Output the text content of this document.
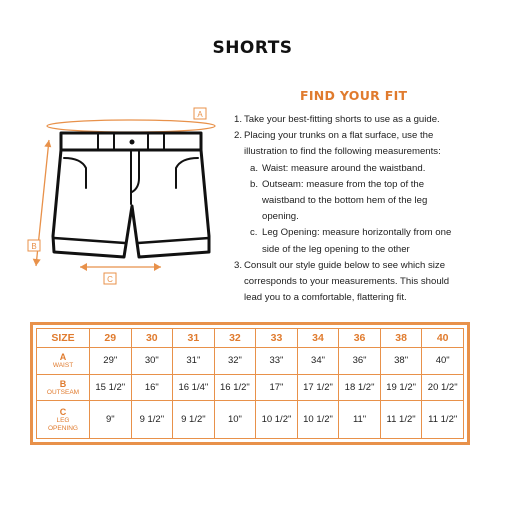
SHORTS
A
B
C
FIND YOUR FIT
1. Take your best-fitting shorts to use as a guide.
2. Placing your trunks on a flat surface, use the
illustration to find the following measurements:
a. Waist: measure around the waistband.
b. Outseam: measure from the top of the
waistband to the bottom hem of the leg
opening.
c. Leg Opening: measure horizontally from one
side of the leg opening to the other
3. Consult our style guide below to see which size
corresponds to your measurements. This should
lead you to a comfortable, flattering fit.
SIZE	29	30	31	32	33	34	36	38	40

A
WAIST	29"	30"	31"	32"	33"	34"	36"	38"	40"

B
OUTSEAM	15 1/2"	16"	16 1/4"	16 1/2"	17"	17 1/2"	18 1/2"	19 1/2"	20 1/2"

C
LEG
OPENING	9"	9 1/2"	9 1/2"	10"	10 1/2"	10 1/2"	11"	11 1/2"	11 1/2"
